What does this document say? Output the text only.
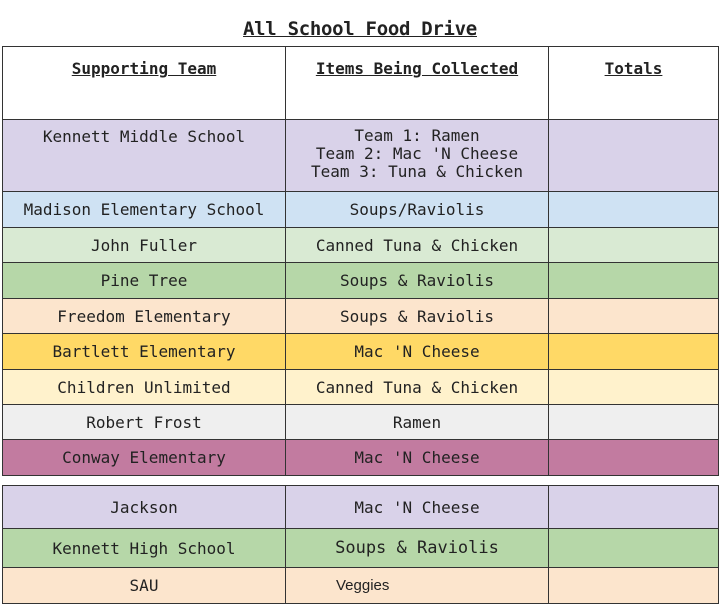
All School Food Drive
Supporting Team	Items Being Collected	Totals
Kennett Middle School	Team 1: Ramen
Team 2: Mac 'N Cheese
Team 3: Tuna & Chicken	

Madison Elementary School	Soups/Raviolis	
John Fuller	Canned Tuna & Chicken	
Pine Tree	Soups & Raviolis	
Freedom Elementary	Soups & Raviolis	
Bartlett Elementary	Mac 'N Cheese	
Children Unlimited	Canned Tuna & Chicken	
Robert Frost	Ramen	
Conway Elementary	Mac 'N Cheese	
Jackson	Mac 'N Cheese	
Kennett High School	Soups & Raviolis	
SAU	Veggies	
